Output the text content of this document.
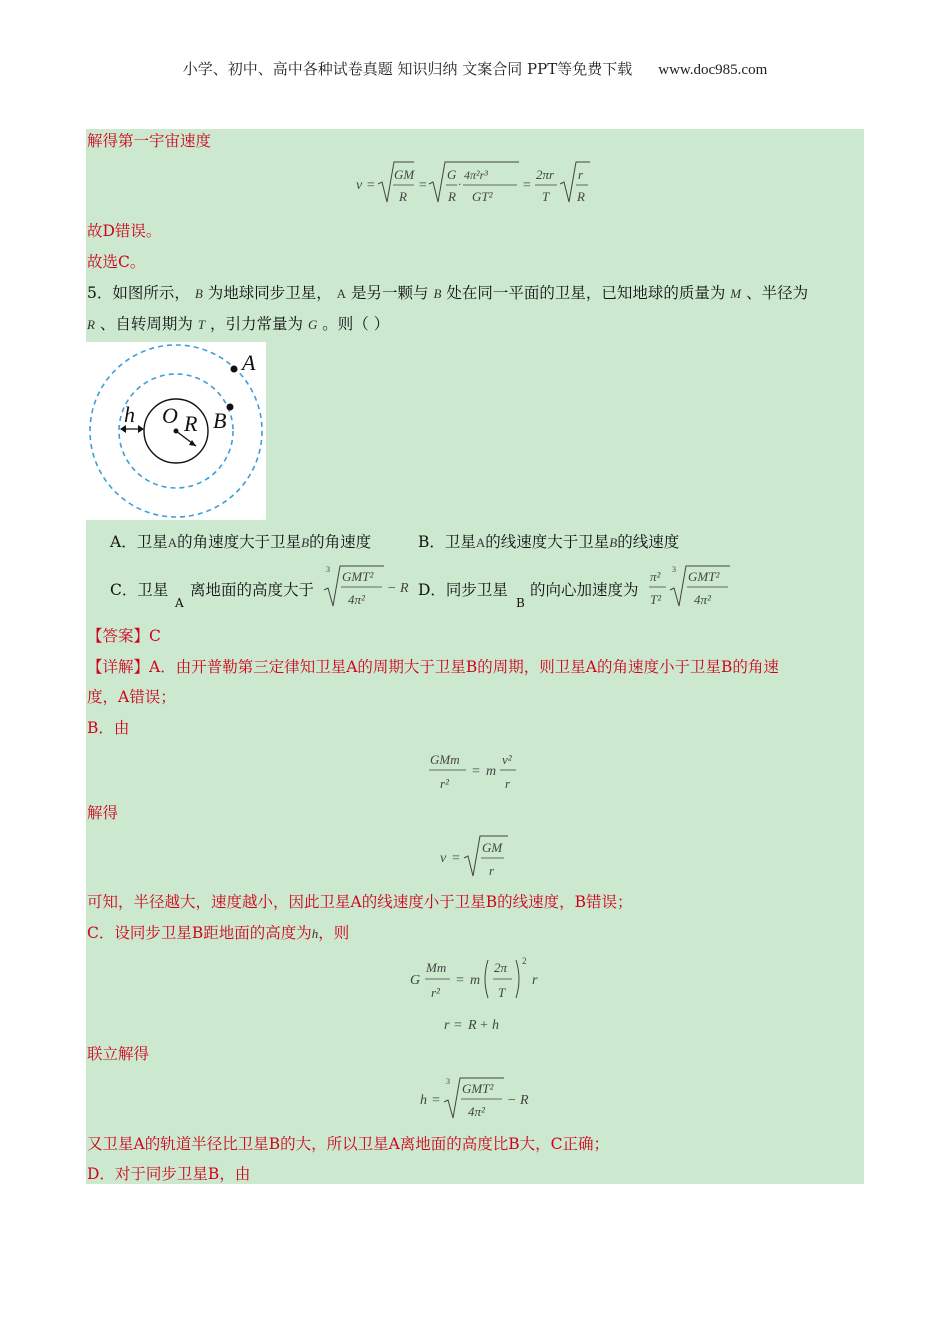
小学、初中、高中各种试卷真题 知识归纳 文案合同 PPT等免费下载 www.doc985.com
解得第一宇宙速度
v =
GM
R
=
G
R
·
4π²r³
GT²
=
2πr
T
r
R
故D错误。
故选C。
5．如图所示， B 为地球同步卫星， A 是另一颗与 B 处在同一平面的卫星，已知地球的质量为 M 、半径为
R 、自转周期为 T ，引力常量为 G 。则（ ）
A
B
O R
h
A．卫星A的角速度大于卫星B的角速度	B．卫星A的线速度大于卫星B的线速度
C．卫星
A
离地面的高度大于
3 GMT²
4π²
− R D．同步卫星
B
的向心加速度为
π²
T²
3 GMT²
4π²
【答案】C
【详解】A．由开普勒第三定律知卫星A的周期大于卫星B的周期，则卫星A的角速度小于卫星B的角速
度，A错误；
B．由
GMm
r²
= m
v²
r
解得
v =
GM
r
可知，半径越大，速度越小，因此卫星A的线速度小于卫星B的线速度，B错误；
C．设同步卫星B距地面的高度为h，则
G
Mm
r²
= m
2π
T
2
r
r = R + h
联立解得
h =
3 GMT²
4π²
− R
又卫星A的轨道半径比卫星B的大，所以卫星A离地面的高度比B大，C正确；
D．对于同步卫星B，由
